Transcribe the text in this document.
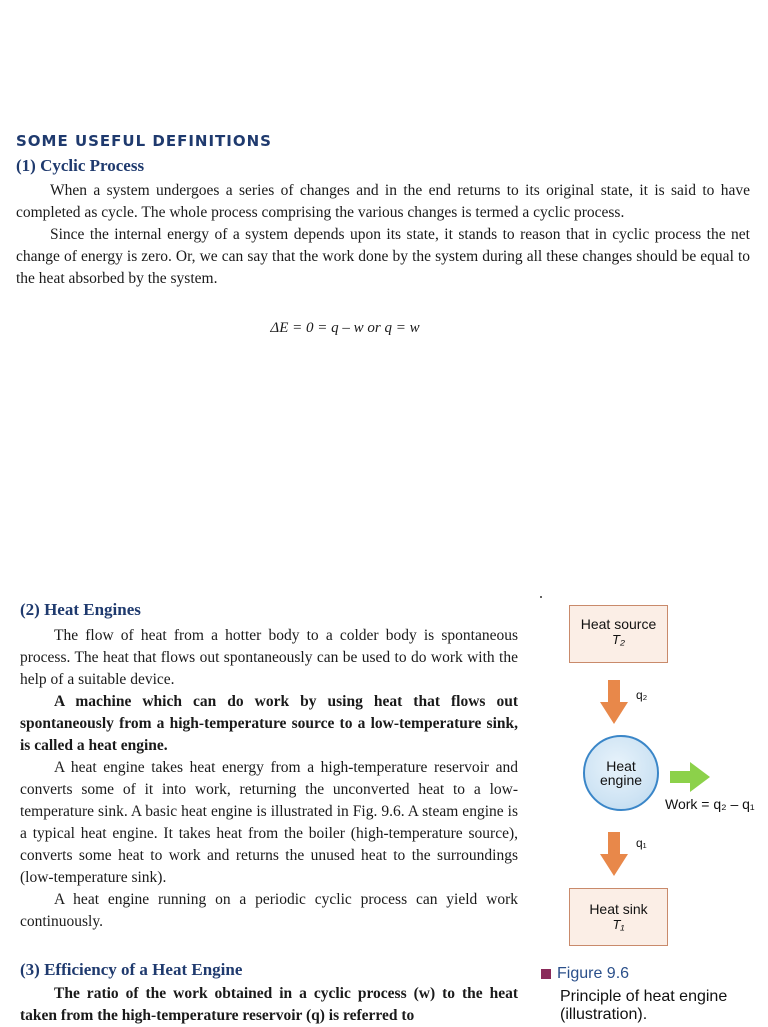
SOME USEFUL DEFINITIONS
(1) Cyclic Process

When a system undergoes a series of changes and in the end returns to its original state, it is said to have completed as cycle. The whole process comprising the various changes is termed a cyclic process.

Since the internal energy of a system depends upon its state, it stands to reason that in cyclic process the net change of energy is zero. Or, we can say that the work done by the system during all these changes should be equal to the heat absorbed by the system.

ΔE = 0 = q – w or q = w
(2) Heat Engines

The flow of heat from a hotter body to a colder body is spontaneous process. The heat that flows out spontaneously can be used to do work with the help of a suitable device.

A machine which can do work by using heat that flows out spontaneously from a high-temperature source to a low-temperature sink, is called a heat engine.

A heat engine takes heat energy from a high-temperature reservoir and converts some of it into work, returning the unconverted heat to a low-temperature sink. A basic heat engine is illustrated in Fig. 9.6. A steam engine is a typical heat engine. It takes heat from the boiler (high-temperature source), converts some heat to work and returns the unused heat to the surroundings (low-temperature sink).

A heat engine running on a periodic cyclic process can yield work continuously.

(3) Efficiency of a Heat Engine

The ratio of the work obtained in a cyclic process (w) to the heat taken from the high-temperature reservoir (q) is referred to

Heat source
T₂
q₂
Heat
engine
Work = q₂ – q₁
q₁
Heat sink
T₁
Figure 9.6
Principle of heat engine (illustration).
